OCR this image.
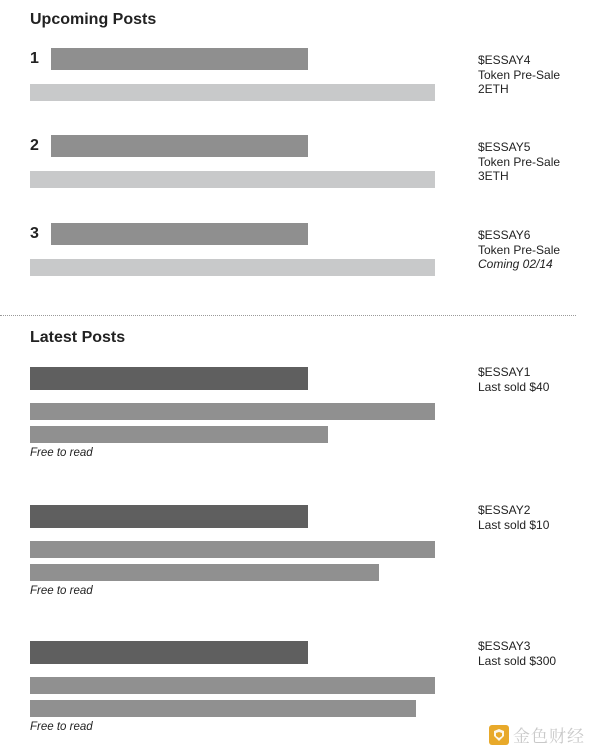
Upcoming Posts
1	$ESSAY4
Token Pre-Sale
2ETH
2	$ESSAY5
Token Pre-Sale
3ETH
3	$ESSAY6
Token Pre-Sale
Coming 02/14
Latest Posts
Free to read
$ESSAY1
Last sold $40
Free to read
$ESSAY2
Last sold $10
Free to read
$ESSAY3
Last sold $300
金色财经
